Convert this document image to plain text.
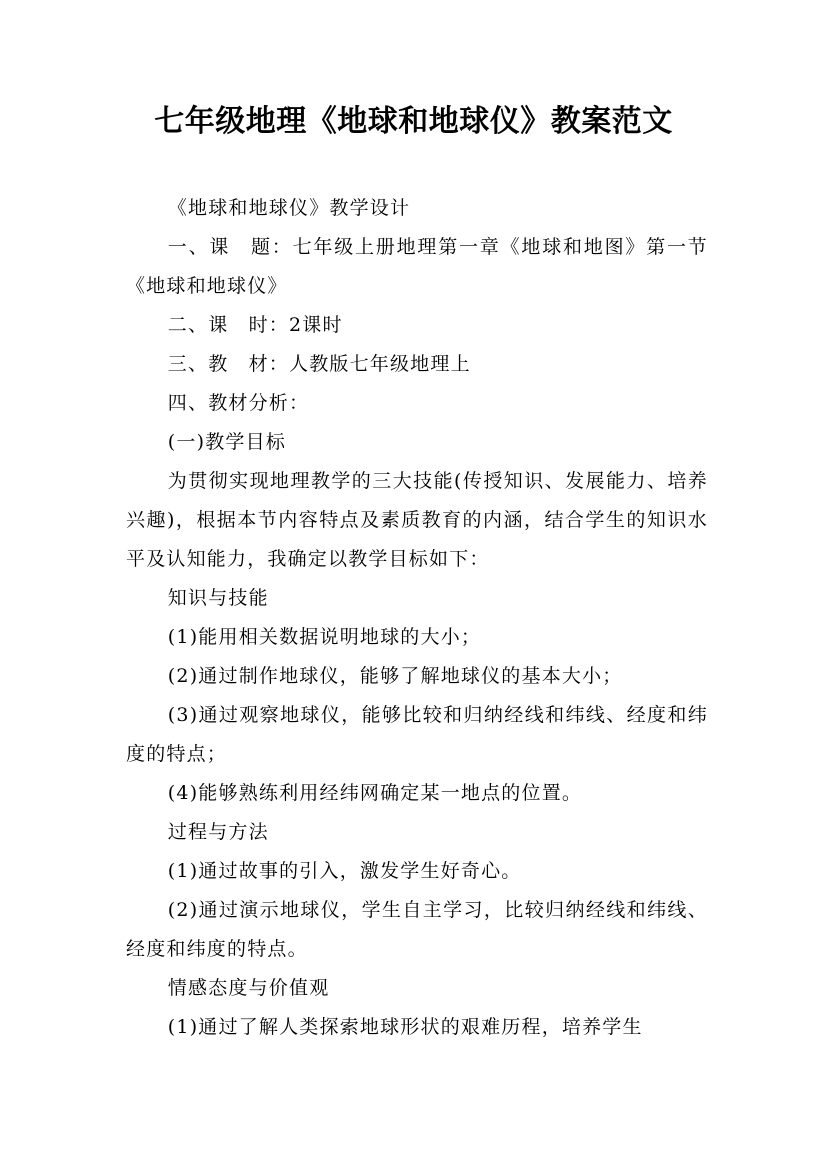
七年级地理《地球和地球仪》教案范文

《地球和地球仪》教学设计

一、课　题：七年级上册地理第一章《地球和地图》第一节《地球和地球仪》

二、课　时：2课时

三、教　材：人教版七年级地理上

四、教材分析：

(一)教学目标

为贯彻实现地理教学的三大技能(传授知识、发展能力、培养兴趣)，根据本节内容特点及素质教育的内涵，结合学生的知识水平及认知能力，我确定以教学目标如下：

知识与技能

(1)能用相关数据说明地球的大小；

(2)通过制作地球仪，能够了解地球仪的基本大小；

(3)通过观察地球仪，能够比较和归纳经线和纬线、经度和纬度的特点；

(4)能够熟练利用经纬网确定某一地点的位置。

过程与方法

(1)通过故事的引入，激发学生好奇心。

(2)通过演示地球仪，学生自主学习，比较归纳经线和纬线、经度和纬度的特点。

情感态度与价值观

(1)通过了解人类探索地球形状的艰难历程，培养学生
